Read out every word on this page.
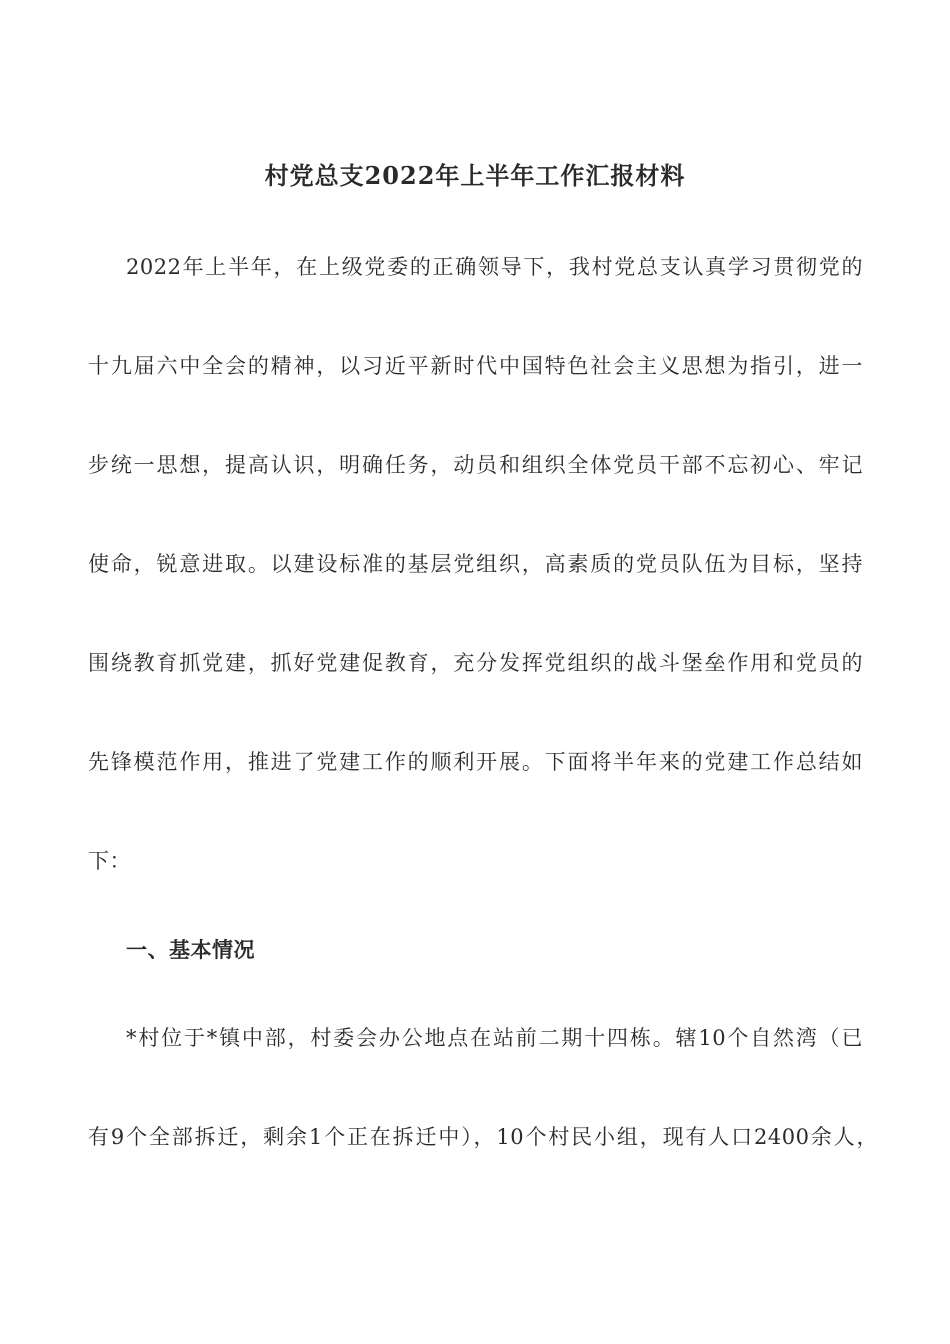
村党总支2022年上半年工作汇报材料
2022年上半年，在上级党委的正确领导下，我村党总支认真学习贯彻党的
十九届六中全会的精神，以习近平新时代中国特色社会主义思想为指引，进一
步统一思想，提高认识，明确任务，动员和组织全体党员干部不忘初心、牢记
使命，锐意进取。以建设标准的基层党组织，高素质的党员队伍为目标，坚持
围绕教育抓党建，抓好党建促教育，充分发挥党组织的战斗堡垒作用和党员的
先锋模范作用，推进了党建工作的顺利开展。下面将半年来的党建工作总结如
下：
一、基本情况
*村位于*镇中部，村委会办公地点在站前二期十四栋。辖10个自然湾（已
有9个全部拆迁，剩余1个正在拆迁中），10个村民小组，现有人口2400余人，
